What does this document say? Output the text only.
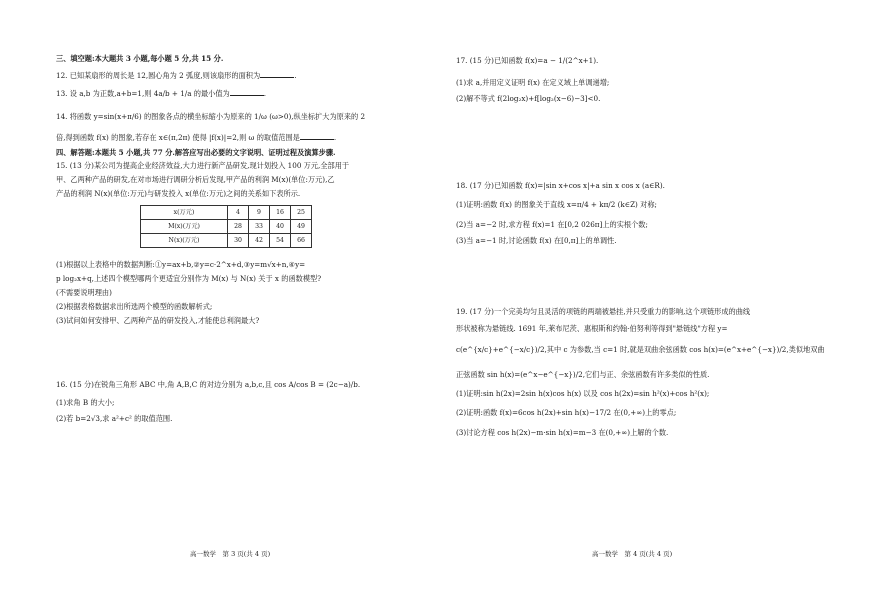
三、填空题:本大题共 3 小题,每小题 5 分,共 15 分.
12. 已知某扇形的周长是 12,圆心角为 2 弧度,则该扇形的面积为	.
13. 设 a,b 为正数,a+b=1,则 4a/b + 1/a 的最小值为	.
14. 将函数 y=sin(x+π/6) 的图象各点的横坐标缩小为原来的 1/ω (ω>0),纵坐标扩大为原来的 2
倍,得到函数 f(x) 的图象,若存在 x∈(π,2π) 使得 |f(x)|=2,则 ω 的取值范围是	.
四、解答题:本题共 5 小题,共 77 分.解答应写出必要的文字说明、证明过程及演算步骤.
15. (13 分)某公司为提高企业经济效益,大力进行新产品研发,现计划投入 100 万元,全部用于
甲、乙两种产品的研发,在对市场进行调研分析后发现,甲产品的利润 M(x)(单位:万元),乙
产品的利润 N(x)(单位:万元)与研发投入 x(单位:万元)之间的关系如下表所示.
x(万元)	4	9	16	25
M(x)(万元)	28	33	40	49
N(x)(万元)	30	42	54	66
(1)根据以上表格中的数据判断:①y=ax+b,②y=c·2^x+d,③y=m√x+n,④y=
p log₂x+q,上述四个模型哪两个更适宜分别作为 M(x) 与 N(x) 关于 x 的函数模型?
(不需要说明理由)
(2)根据表格数据求出所选两个模型的函数解析式;
(3)试问如何安排甲、乙两种产品的研发投入,才能使总利润最大?
16. (15 分)在锐角三角形 ABC 中,角 A,B,C 的对边分别为 a,b,c,且 cos A/cos B = (2c−a)/b.
(1)求角 B 的大小;
(2)若 b=2√3,求 a²+c² 的取值范围.
高一数学　第 3 页(共 4 页)
17. (15 分)已知函数 f(x)=a − 1/(2^x+1).
(1)求 a,并用定义证明 f(x) 在定义域上单调递增;
(2)解不等式 f(2log₂x)+f[log₂(x−6)−3]<0.
18. (17 分)已知函数 f(x)=|sin x+cos x|+a sin x cos x (a∈R).
(1)证明:函数 f(x) 的图象关于直线 x=π/4 + kπ/2 (k∈Z) 对称;
(2)当 a=−2 时,求方程 f(x)=1 在[0,2 026π]上的实根个数;
(3)当 a=−1 时,讨论函数 f(x) 在[0,π]上的单调性.
19. (17 分)一个完美均匀且灵活的项链的两端被悬挂,并只受重力的影响,这个项链形成的曲线
形状被称为悬链线. 1691 年,莱布尼茨、惠根斯和约翰·伯努利等得到"悬链线"方程 y=
c(e^{x/c}+e^{−x/c})/2,其中 c 为参数,当 c=1 时,就是双曲余弦函数 cos h(x)=(e^x+e^{−x})/2,类似地双曲
正弦函数 sin h(x)=(e^x−e^{−x})/2,它们与正、余弦函数有许多类似的性质.
(1)证明:sin h(2x)=2sin h(x)cos h(x) 以及 cos h(2x)=sin h²(x)+cos h²(x);
(2)证明:函数 f(x)=6cos h(2x)+sin h(x)−17/2 在(0,+∞)上的零点;
(3)讨论方程 cos h(2x)−m·sin h(x)=m−3 在(0,+∞)上解的个数.
高一数学　第 4 页(共 4 页)
